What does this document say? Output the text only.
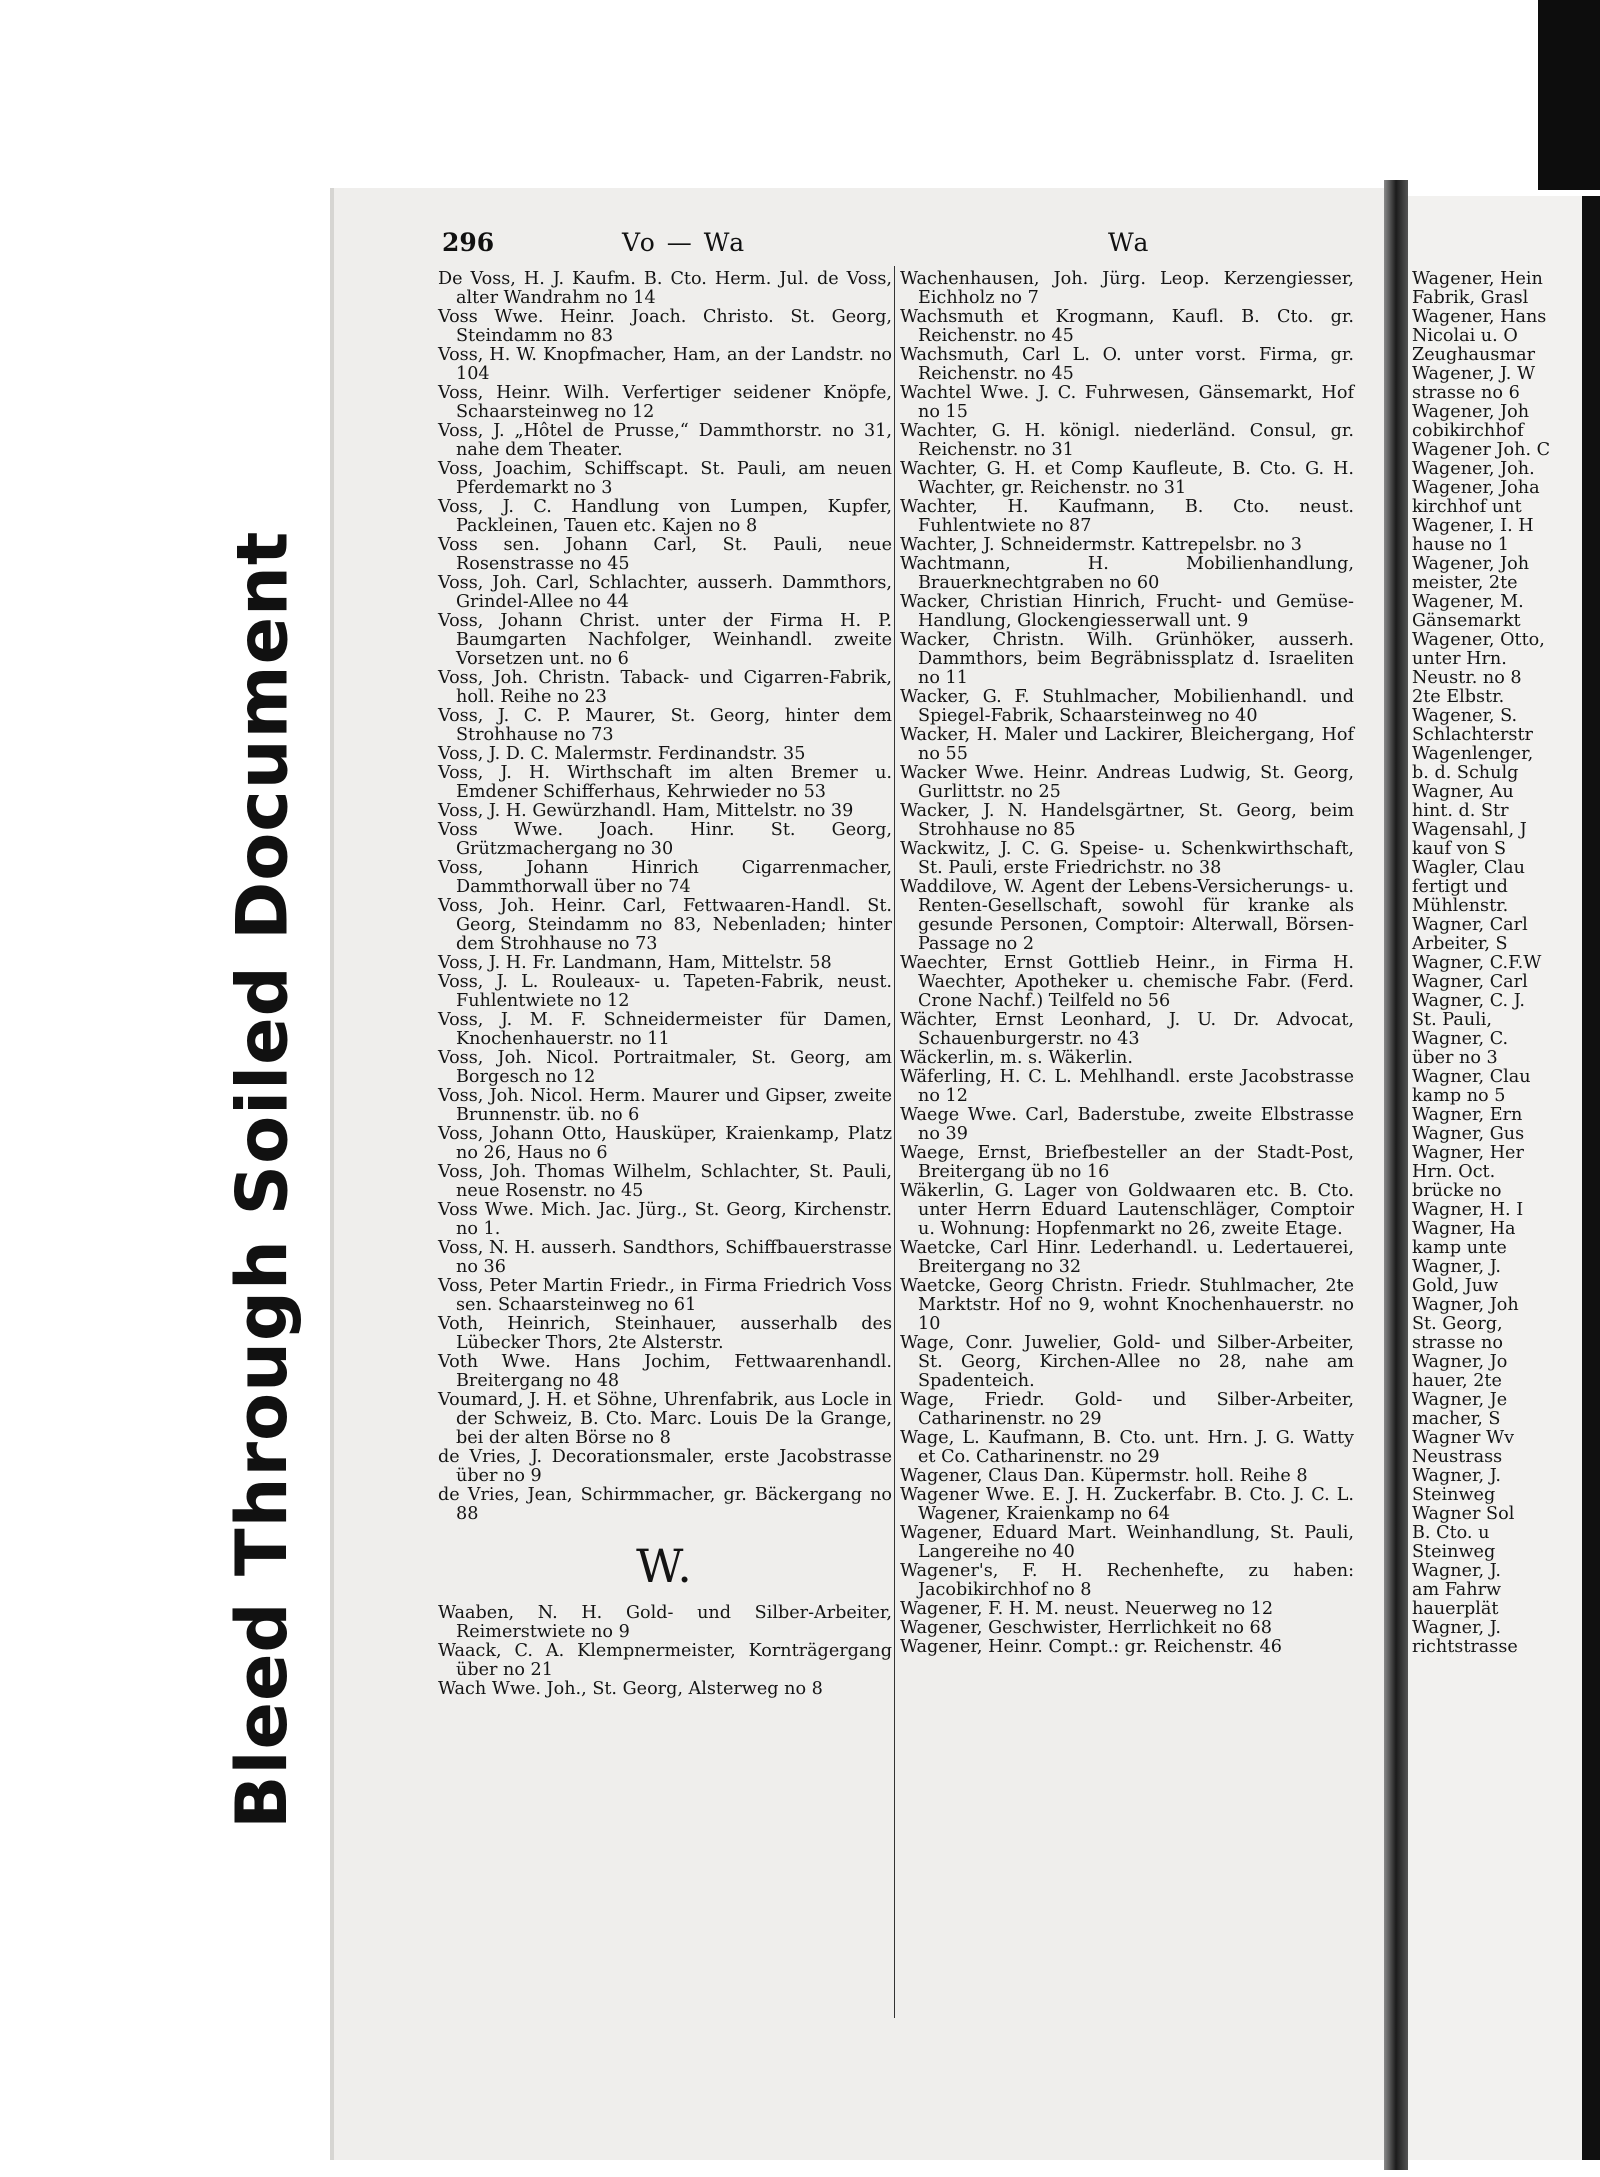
Soiled Document
Bleed Through
296	Vo — Wa	Wa

De Voss, H. J. Kaufm. B. Cto. Herm. Jul. de Voss, alter Wandrahm no 14

Voss Wwe. Heinr. Joach. Christo. St. Georg, Steindamm no 83

Voss, H. W. Knopfmacher, Ham, an der Landstr. no 104

Voss, Heinr. Wilh. Verfertiger seidener Knöpfe, Schaarsteinweg no 12

Voss, J. „Hôtel de Prusse,“ Dammthorstr. no 31, nahe dem Theater.

Voss, Joachim, Schiffscapt. St. Pauli, am neuen Pferdemarkt no 3

Voss, J. C. Handlung von Lumpen, Kupfer, Packleinen, Tauen etc. Kajen no 8

Voss sen. Johann Carl, St. Pauli, neue Rosenstrasse no 45

Voss, Joh. Carl, Schlachter, ausserh. Dammthors, Grindel-Allee no 44

Voss, Johann Christ. unter der Firma H. P. Baumgarten Nachfolger, Weinhandl. zweite Vorsetzen unt. no 6

Voss, Joh. Christn. Taback- und Cigarren-Fabrik, holl. Reihe no 23

Voss, J. C. P. Maurer, St. Georg, hinter dem Strohhause no 73

Voss, J. D. C. Malermstr. Ferdinandstr. 35

Voss, J. H. Wirthschaft im alten Bremer u. Emdener Schifferhaus, Kehrwieder no 53

Voss, J. H. Gewürzhandl. Ham, Mittelstr. no 39

Voss Wwe. Joach. Hinr. St. Georg, Grützmachergang no 30

Voss, Johann Hinrich Cigarrenmacher, Dammthorwall über no 74

Voss, Joh. Heinr. Carl, Fettwaaren-Handl. St. Georg, Steindamm no 83, Nebenladen; hinter dem Strohhause no 73

Voss, J. H. Fr. Landmann, Ham, Mittelstr. 58

Voss, J. L. Rouleaux- u. Tapeten-Fabrik, neust. Fuhlentwiete no 12

Voss, J. M. F. Schneidermeister für Damen, Knochenhauerstr. no 11

Voss, Joh. Nicol. Portraitmaler, St. Georg, am Borgesch no 12

Voss, Joh. Nicol. Herm. Maurer und Gipser, zweite Brunnenstr. üb. no 6

Voss, Johann Otto, Hausküper, Kraienkamp, Platz no 26, Haus no 6

Voss, Joh. Thomas Wilhelm, Schlachter, St. Pauli, neue Rosenstr. no 45

Voss Wwe. Mich. Jac. Jürg., St. Georg, Kirchenstr. no 1.

Voss, N. H. ausserh. Sandthors, Schiffbauerstrasse no 36

Voss, Peter Martin Friedr., in Firma Friedrich Voss sen. Schaarsteinweg no 61

Voth, Heinrich, Steinhauer, ausserhalb des Lübecker Thors, 2te Alsterstr.

Voth Wwe. Hans Jochim, Fettwaarenhandl. Breitergang no 48

Voumard, J. H. et Söhne, Uhrenfabrik, aus Locle in der Schweiz, B. Cto. Marc. Louis De la Grange, bei der alten Börse no 8

de Vries, J. Decorationsmaler, erste Jacobstrasse über no 9

de Vries, Jean, Schirmmacher, gr. Bäckergang no 88

W.

Waaben, N. H. Gold- und Silber-Arbeiter, Reimerstwiete no 9

Waack, C. A. Klempnermeister, Kornträgergang über no 21

Wach Wwe. Joh., St. Georg, Alsterweg no 8

Wachenhausen, Joh. Jürg. Leop. Kerzengiesser, Eichholz no 7

Wachsmuth et Krogmann, Kaufl. B. Cto. gr. Reichenstr. no 45

Wachsmuth, Carl L. O. unter vorst. Firma, gr. Reichenstr. no 45

Wachtel Wwe. J. C. Fuhrwesen, Gänsemarkt, Hof no 15

Wachter, G. H. königl. niederländ. Consul, gr. Reichenstr. no 31

Wachter, G. H. et Comp Kaufleute, B. Cto. G. H. Wachter, gr. Reichenstr. no 31

Wachter, H. Kaufmann, B. Cto. neust. Fuhlentwiete no 87

Wachter, J. Schneidermstr. Kattrepelsbr. no 3

Wachtmann, H. Mobilienhandlung, Brauerknechtgraben no 60

Wacker, Christian Hinrich, Frucht- und Gemüse-Handlung, Glockengiesserwall unt. 9

Wacker, Christn. Wilh. Grünhöker, ausserh. Dammthors, beim Begräbnissplatz d. Israeliten no 11

Wacker, G. F. Stuhlmacher, Mobilienhandl. und Spiegel-Fabrik, Schaarsteinweg no 40

Wacker, H. Maler und Lackirer, Bleichergang, Hof no 55

Wacker Wwe. Heinr. Andreas Ludwig, St. Georg, Gurlittstr. no 25

Wacker, J. N. Handelsgärtner, St. Georg, beim Strohhause no 85

Wackwitz, J. C. G. Speise- u. Schenkwirthschaft, St. Pauli, erste Friedrichstr. no 38

Waddilove, W. Agent der Lebens-Versicherungs- u. Renten-Gesellschaft, sowohl für kranke als gesunde Personen, Comptoir: Alterwall, Börsen-Passage no 2

Waechter, Ernst Gottlieb Heinr., in Firma H. Waechter, Apotheker u. chemische Fabr. (Ferd. Crone Nachf.) Teilfeld no 56

Wächter, Ernst Leonhard, J. U. Dr. Advocat, Schauenburgerstr. no 43

Wäckerlin, m. s. Wäkerlin.

Wäferling, H. C. L. Mehlhandl. erste Jacobstrasse no 12

Waege Wwe. Carl, Baderstube, zweite Elbstrasse no 39

Waege, Ernst, Briefbesteller an der Stadt-Post, Breitergang üb no 16

Wäkerlin, G. Lager von Goldwaaren etc. B. Cto. unter Herrn Eduard Lautenschläger, Comptoir u. Wohnung: Hopfenmarkt no 26, zweite Etage.

Waetcke, Carl Hinr. Lederhandl. u. Ledertauerei, Breitergang no 32

Waetcke, Georg Christn. Friedr. Stuhlmacher, 2te Marktstr. Hof no 9, wohnt Knochenhauerstr. no 10

Wage, Conr. Juwelier, Gold- und Silber-Arbeiter, St. Georg, Kirchen-Allee no 28, nahe am Spadenteich.

Wage, Friedr. Gold- und Silber-Arbeiter, Catharinenstr. no 29

Wage, L. Kaufmann, B. Cto. unt. Hrn. J. G. Watty et Co. Catharinenstr. no 29

Wagener, Claus Dan. Küpermstr. holl. Reihe 8

Wagener Wwe. E. J. H. Zuckerfabr. B. Cto. J. C. L. Wagener, Kraienkamp no 64

Wagener, Eduard Mart. Weinhandlung, St. Pauli, Langereihe no 40

Wagener's, F. H. Rechenhefte, zu haben: Jacobikirchhof no 8

Wagener, F. H. M. neust. Neuerweg no 12

Wagener, Geschwister, Herrlichkeit no 68

Wagener, Heinr. Compt.: gr. Reichenstr. 46

Wagener, Hein

Fabrik, Grasl

Wagener, Hans

Nicolai u. O

Zeughausmar

Wagener, J. W

strasse no 6

Wagener, Joh

cobikirchhof

Wagener Joh. C

Wagener, Joh.

Wagener, Joha

kirchhof unt

Wagener, I. H

hause no 1

Wagener, Joh

meister, 2te

Wagener, M.

Gänsemarkt

Wagener, Otto,

unter Hrn.

Neustr. no 8

2te Elbstr.

Wagener, S.

Schlachterstr

Wagenlenger,

b. d. Schulg

Wagner, Au

hint. d. Str

Wagensahl, J

kauf von S

Wagler, Clau

fertigt und

Mühlenstr.

Wagner, Carl

Arbeiter, S

Wagner, C.F.W

Wagner, Carl

Wagner, C. J.

St. Pauli,

Wagner, C.

über no 3

Wagner, Clau

kamp no 5

Wagner, Ern

Wagner, Gus

Wagner, Her

Hrn. Oct.

brücke no

Wagner, H. I

Wagner, Ha

kamp unte

Wagner, J.

Gold, Juw

Wagner, Joh

St. Georg,

strasse no

Wagner, Jo

hauer, 2te

Wagner, Je

macher, S

Wagner Wv

Neustrass

Wagner, J.

Steinweg

Wagner Sol

B. Cto. u

Steinweg

Wagner, J.

am Fahrw

hauerplät

Wagner, J.

richtstrasse
